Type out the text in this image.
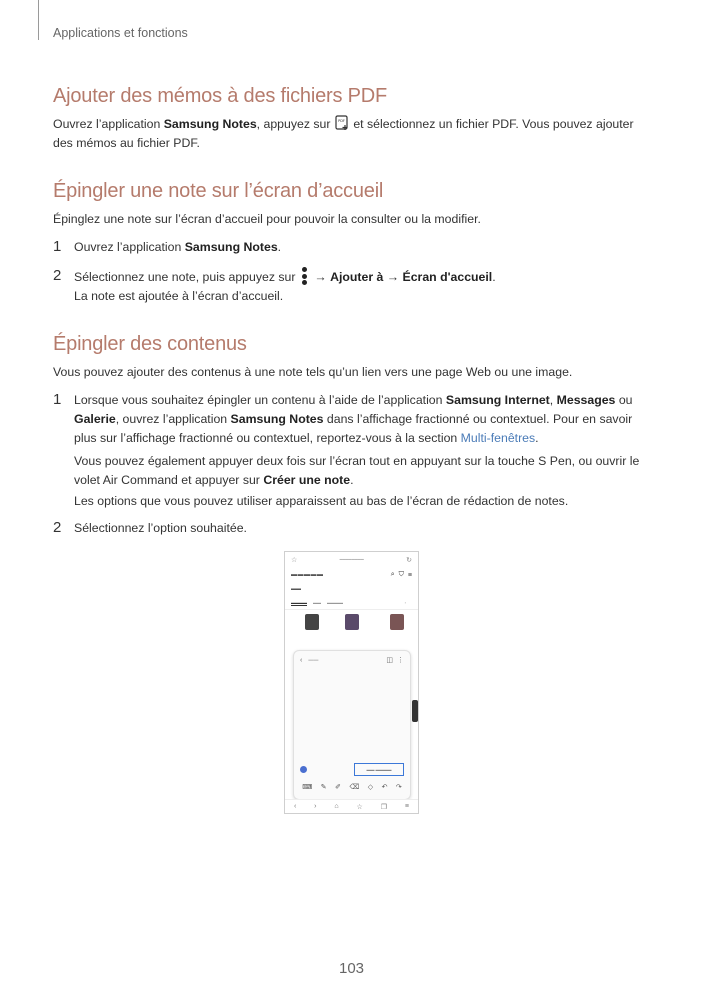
Applications et fonctions
Ajouter des mémos à des fichiers PDF

Ouvrez l’application Samsung Notes, appuyez sur PDF et sélectionnez un fichier PDF. Vous pouvez ajouter des mémos au fichier PDF.

Épingler une note sur l’écran d’accueil

Épinglez une note sur l’écran d’accueil pour pouvoir la consulter ou la modifier.

1 Ouvrez l’application Samsung Notes.
2 Sélectionnez une note, puis appuyez sur
→ Ajouter à → Écran d'accueil.
La note est ajoutée à l’écran d’accueil.
Épingler des contenus

Vous pouvez ajouter des contenus à une note tels qu’un lien vers une page Web ou une image.

1 Lorsque vous souhaitez épingler un contenu à l’aide de l’application Samsung Internet, Messages ou Galerie, ouvrez l’application Samsung Notes dans l’affichage fractionné ou contextuel. Pour en savoir plus sur l’affichage fractionné ou contextuel, reportez-vous à la section Multi-fenêtres.
Vous pouvez également appuyer deux fois sur l’écran tout en appuyant sur la touche S Pen, ou ouvrir le volet Air Command et appuyer sur Créer une note.
Les options que vous pouvez utiliser apparaissent au bas de l’écran de rédaction de notes.
2 Sélectionnez l’option souhaitée.
☆	━━━━━━━━	↻
▬▬▬▬▬	⌕ ⛉ ≡
▬▬
▬▬▬▬ ▬▬ ▬▬▬▬	›
‹ ▬▬	◫ ⋮
▬▬ ▬▬▬▬
⌨ ✎ ✐ ⌫ ◇ ↶ ↷
‹	›	⌂	☆	❐	≡
103
